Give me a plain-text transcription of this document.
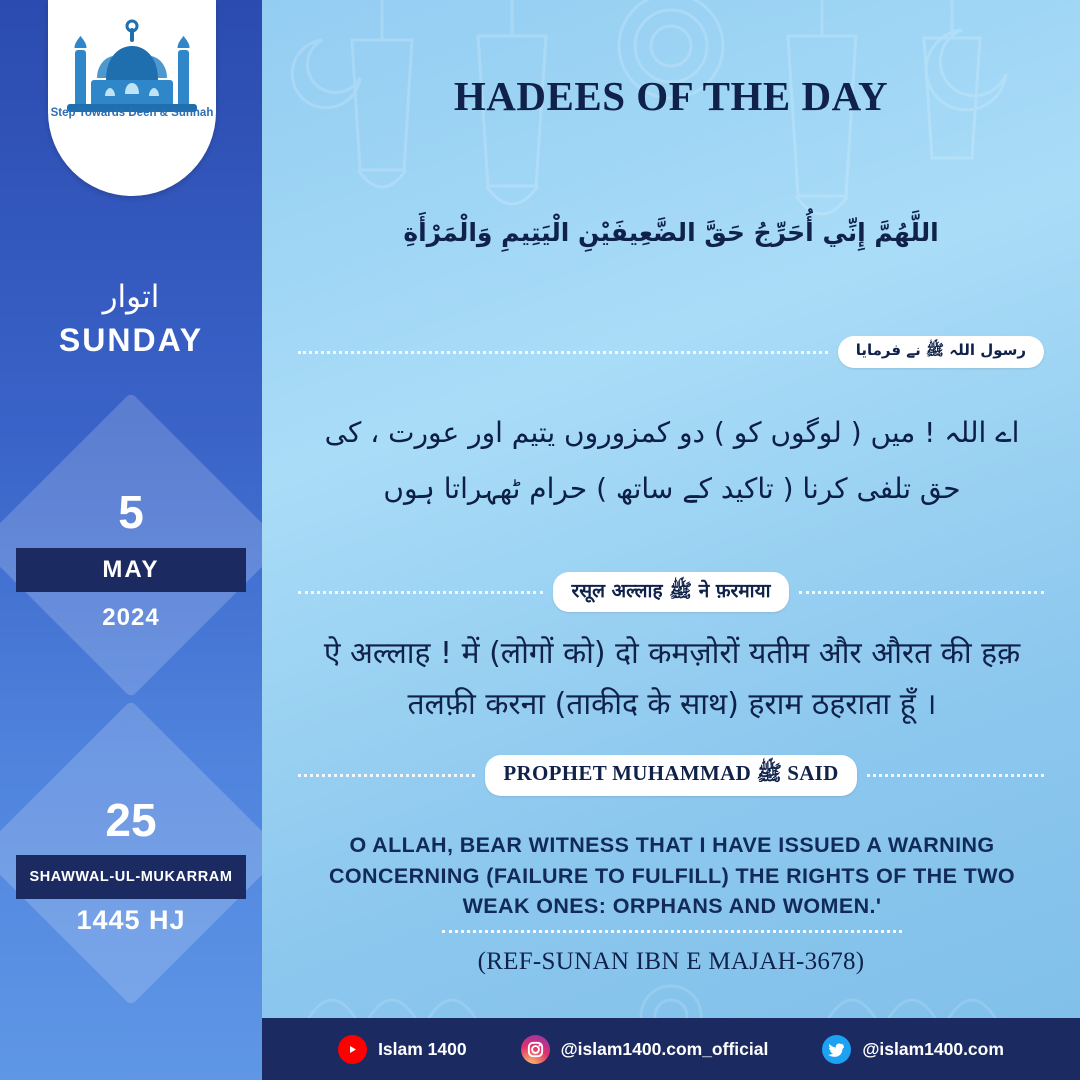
Step Towards Deen & Sunnah
اتوار
SUNDAY
5
MAY
2024
25
SHAWWAL-UL-MUKARRAM
1445 HJ
HADEES OF THE DAY
اللَّهُمَّ إِنِّي أُحَرِّجُ حَقَّ الضَّعِيفَيْنِ الْيَتِيمِ وَالْمَرْأَةِ
رسول اللہ ﷺ نے فرمایا
اے اللہ ! میں ( لوگوں کو ) دو کمزوروں یتیم اور عورت ، کی حق تلفی کرنا ( تاکید کے ساتھ ) حرام ٹھہراتا ہوں
रसूल अल्लाह ﷺ ने फ़रमाया
ऐ अल्लाह ! में (लोगों को) दो कमज़ोरों यतीम और औरत की हक़ तलफ़ी करना (ताकीद के साथ) हराम ठहराता हूँ ।
PROPHET MUHAMMAD ﷺ SAID
O ALLAH, BEAR WITNESS THAT I HAVE ISSUED A WARNING CONCERNING (FAILURE TO FULFILL) THE RIGHTS OF THE TWO WEAK ONES: ORPHANS AND WOMEN.'
(REF-SUNAN IBN E MAJAH-3678)
Islam 1400	@islam1400.com_official	@islam1400.com
